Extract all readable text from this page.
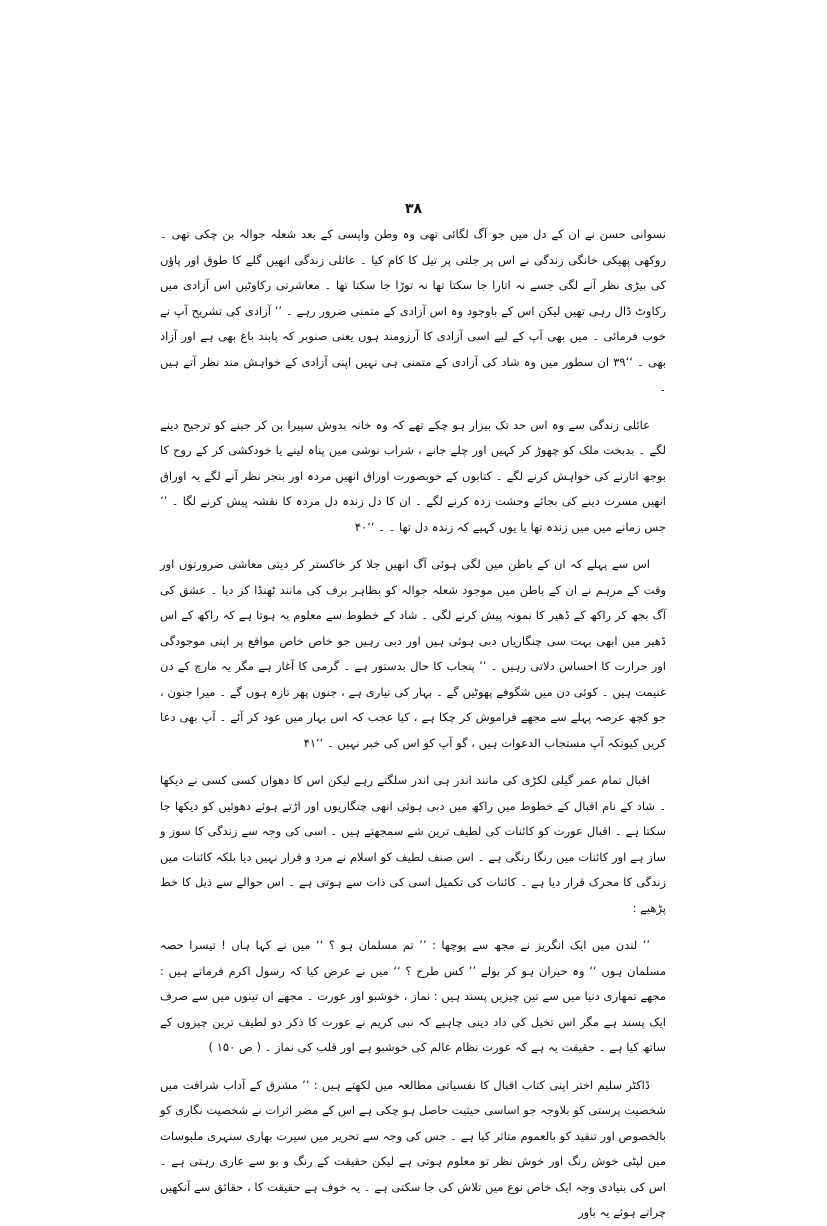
۳۸

نسوانی حسن نے ان کے دل میں جو آگ لگائی تھی وہ وطن واپسی کے بعد شعلہ جوالہ بن چکی تھی ۔ روکھی پھیکی خانگی زندگی نے اس پر جلتی پر تیل کا کام کیا ۔ عائلی زندگی انھیں گلے کا طوق اور پاؤں کی بیڑی نظر آنے لگی جسے نہ اتارا جا سکتا تھا نہ توڑا جا سکتا تھا ۔ معاشرتی رکاوٹیں اس آزادی میں رکاوٹ ڈال رہی تھیں لیکن اس کے باوجود وہ اس آزادی کے متمنی ضرور رہے ۔ ’’ آزادی کی تشریح آپ نے خوب فرمائی ۔ میں بھی آپ کے لیے اسی آزادی کا آرزومند ہوں یعنی صنوبر کہ پابند باغ بھی ہے اور آزاد بھی ۔ ‘‘۳۹ ان سطور میں وہ شاد کی آزادی کے متمنی ہی نہیں اپنی آزادی کے خواہش مند نظر آتے ہیں ۔

عائلی زندگی سے وہ اس حد تک بیزار ہو چکے تھے کہ وہ خانہ بدوش سپیرا بن کر جینے کو ترجیح دینے لگے ۔ بدبخت ملک کو چھوڑ کر کہیں اور چلے جانے ، شراب نوشی میں پناہ لینے یا خودکشی کر کے روح کا بوجھ اتارنے کی خواہش کرنے لگے ۔ کتابوں کے خوبصورت اوراق انھیں مردہ اور بنجر نظر آنے لگے یہ اوراق انھیں مسرت دینے کی بجائے وحشت زدہ کرنے لگے ۔ ان کا دل زندہ دل مردہ کا نقشہ پیش کرنے لگا ۔ ’’ جس زمانے میں میں زندہ تھا یا یوں کہیے کہ زندہ دل تھا ۔ ۔ ‘‘۴۰

اس سے پہلے کہ ان کے باطن میں لگی ہوئی آگ انھیں جلا کر خاکستر کر دیتی معاشی ضرورتوں اور وقت کے مرہم نے ان کے باطن میں موجود شعلہ جوالہ کو بظاہر برف کی مانند ٹھنڈا کر دیا ۔ عشق کی آگ بجھ کر راکھ کے ڈھیر کا نمونہ پیش کرنے لگی ۔ شاد کے خطوط سے معلوم یہ ہوتا ہے کہ راکھ کے اس ڈھیر میں ابھی بہت سی چنگاریاں دبی ہوئی ہیں اور دبی رہیں جو خاص خاص مواقع پر اپنی موجودگی اور حرارت کا احساس دلاتی رہیں ۔ ’’ پنجاب کا حال بدستور ہے ۔ گرمی کا آغاز ہے مگر یہ مارچ کے دن غنیمت ہیں ۔ کوئی دن میں شگوفے پھوٹیں گے ۔ بہار کی تیاری ہے ، جنون پھر تازہ ہوں گے ۔ میرا جنون ، جو کچھ عرصہ پہلے سے مجھے فراموش کر چکا ہے ، کیا عجب کہ اس بہار میں عود کر آئے ۔ آپ بھی دعا کریں کیونکہ آپ مستجاب الدعوات ہیں ، گو آپ کو اس کی خبر نہیں ۔ ‘‘۴۱

اقبال تمام عمر گیلی لکڑی کی مانند اندر ہی اندر سلگتے رہے لیکن اس کا دھواں کسی کسی نے دیکھا ۔ شاد کے نام اقبال کے خطوط میں راکھ میں دبی ہوئی انھی چنگاریوں اور اڑتے ہوئے دھوئیں کو دیکھا جا سکتا ہے ۔ اقبال عورت کو کائنات کی لطیف ترین شے سمجھتے ہیں ۔ اسی کی وجہ سے زندگی کا سوز و ساز ہے اور کائنات میں رنگا رنگی ہے ۔ اس صنف لطیف کو اسلام نے مرد و قرار نہیں دیا بلکہ کائنات میں زندگی کا محرک قرار دیا ہے ۔ کائنات کی تکمیل اسی کی ذات سے ہوتی ہے ۔ اس حوالے سے ذیل کا خط پڑھیے :

’’ لندن میں ایک انگریز نے مجھ سے پوچھا : ’’ تم مسلمان ہو ؟ ‘‘ میں نے کہا ہاں ! تیسرا حصہ مسلمان ہوں ‘‘ وہ حیران ہو کر بولے ’’ کس طرح ؟ ‘‘ میں نے عرض کیا کہ رسول اکرم فرماتے ہیں : مجھے تمھاری دنیا میں سے تین چیزیں پسند ہیں : نماز ، خوشبو اور عورت ۔ مجھے ان تینوں میں سے صرف ایک پسند ہے مگر اس تخیل کی داد دینی چاہیے کہ نبی کریم نے عورت کا ذکر دو لطیف ترین چیزوں کے ساتھ کیا ہے ۔ حقیقت یہ ہے کہ عورت نظام عالم کی خوشبو ہے اور قلب کی نماز ۔ ( ص ۱۵۰ )

ڈاکٹر سلیم اختر اپنی کتاب اقبال کا نفسیاتی مطالعہ میں لکھتے ہیں : ’’ مشرق کے آداب شرافت میں شخصیت پرستی کو بلاوجہ جو اساسی حیثیت حاصل ہو چکی ہے اس کے مضر اثرات نے شخصیت نگاری کو بالخصوص اور تنقید کو بالعموم متاثر کیا ہے ۔ جس کی وجہ سے تحریر میں سیرت بھاری سنہری ملبوسات میں لپٹی خوش رنگ اور خوش نظر تو معلوم ہوتی ہے لیکن حقیقت کے رنگ و بو سے عاری رہتی ہے ۔ اس کی بنیادی وجہ ایک خاص نوع میں تلاش کی جا سکتی ہے ۔ یہ خوف ہے حقیقت کا ، حقائق سے آنکھیں چراتے ہوئے یہ باور
